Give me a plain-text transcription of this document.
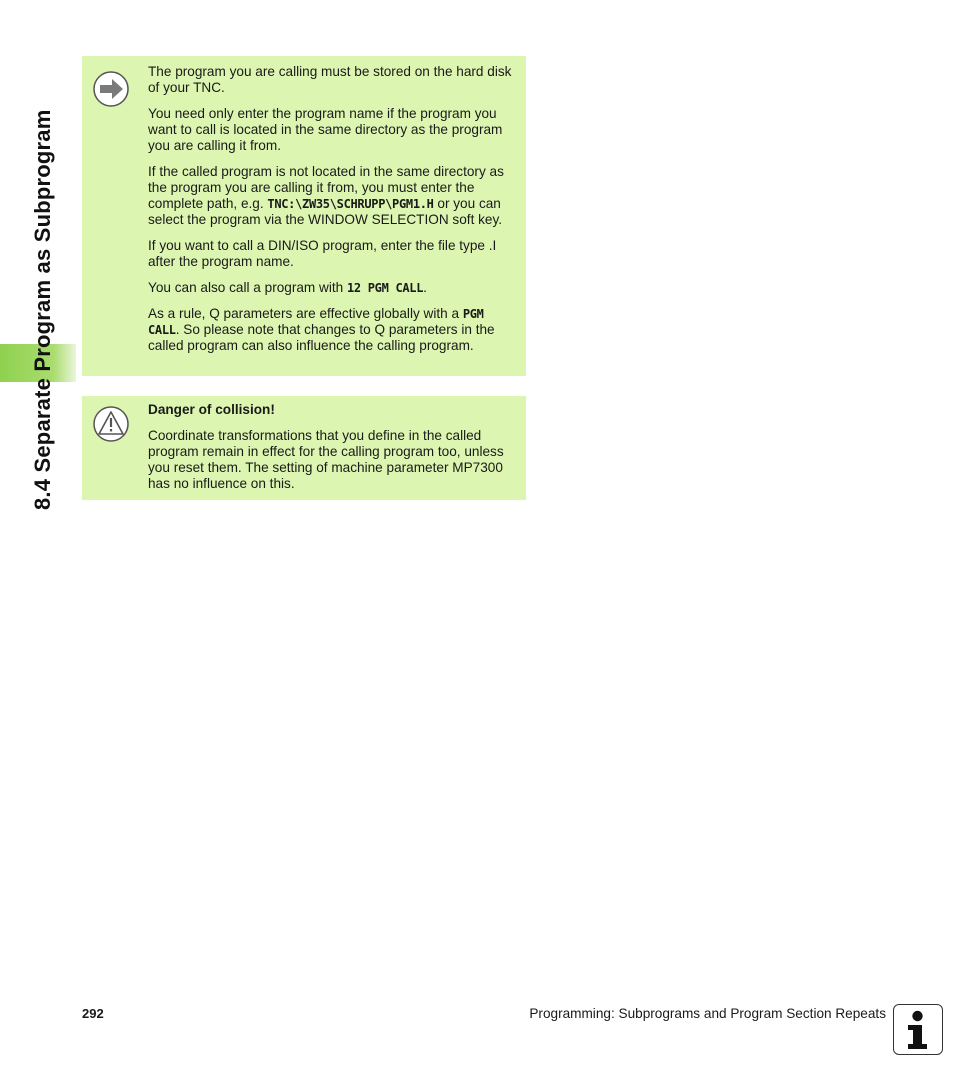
8.4 Separate Program as Subprogram

The program you are calling must be stored on the hard disk of your TNC.

You need only enter the program name if the program you want to call is located in the same directory as the program you are calling it from.

If the called program is not located in the same directory as the program you are calling it from, you must enter the complete path, e.g. TNC:\ZW35\SCHRUPP\PGM1.H or you can select the program via the WINDOW SELECTION soft key.

If you want to call a DIN/ISO program, enter the file type .I after the program name.

You can also call a program with 12 PGM CALL.

As a rule, Q parameters are effective globally with a PGM CALL. So please note that changes to Q parameters in the called program can also influence the calling program.

Danger of collision!

Coordinate transformations that you define in the called program remain in effect for the calling program too, unless you reset them. The setting of machine parameter MP7300 has no influence on this.

292	Programming: Subprograms and Program Section Repeats
